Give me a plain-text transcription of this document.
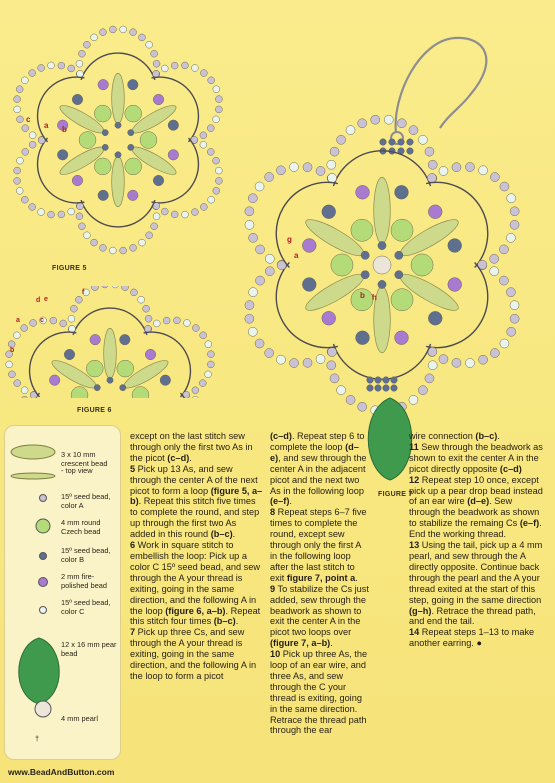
c
a b
d e
f
a
b
c
a
b h
g
FIGURE 5
FIGURE 6
FIGURE 7
3 x 10 mm crescent bead
- top view
15º seed bead, color A
4 mm round Czech bead
15º seed bead, color B
2 mm fire-polished bead
15º seed bead, color C
12 x 16 mm pear bead
4 mm pearl
†

except on the last stitch sew through only the first two As in the picot (c–d).

5 Pick up 13 As, and sew through the center A of the next picot to form a loop (figure 5, a–b). Repeat this stitch five times to complete the round, and step up through the first two As added in this round (b–c).

6 Work in square stitch to embellish the loop: Pick up a color C 15º seed bead, and sew through the A your thread is exiting, going in the same direction, and the following A in the loop (figure 6, a–b). Repeat this stitch four times (b–c).

7 Pick up three Cs, and sew through the A your thread is exiting, going in the same direction, and the following A in the loop to form a picot

(c–d). Repeat step 6 to complete the loop (d–e), and sew through the center A in the adjacent picot and the next two As in the following loop (e–f).

8 Repeat steps 6–7 five times to complete the round, except sew through only the first A in the following loop after the last stitch to exit figure 7, point a.

9 To stabilize the Cs just added, sew through the beadwork as shown to exit the center A in the picot two loops over (figure 7, a–b).

10 Pick up three As, the loop of an ear wire, and three As, and sew through the C your thread is exiting, going in the same direction. Retrace the thread path through the ear

wire connection (b–c).

11 Sew through the beadwork as shown to exit the center A in the picot directly opposite (c–d)

12 Repeat step 10 once, except pick up a pear drop bead instead of an ear wire (d–e). Sew through the beadwork as shown to stabilize the remaing Cs (e–f). End the working thread.

13 Using the tail, pick up a 4 mm pearl, and sew through the A directly opposite. Continue back through the pearl and the A your thread exited at the start of this step, going in the same direction (g–h). Retrace the thread path, and end the tail.

14 Repeat steps 1–13 to make another earring. ●

www.BeadAndButton.com
